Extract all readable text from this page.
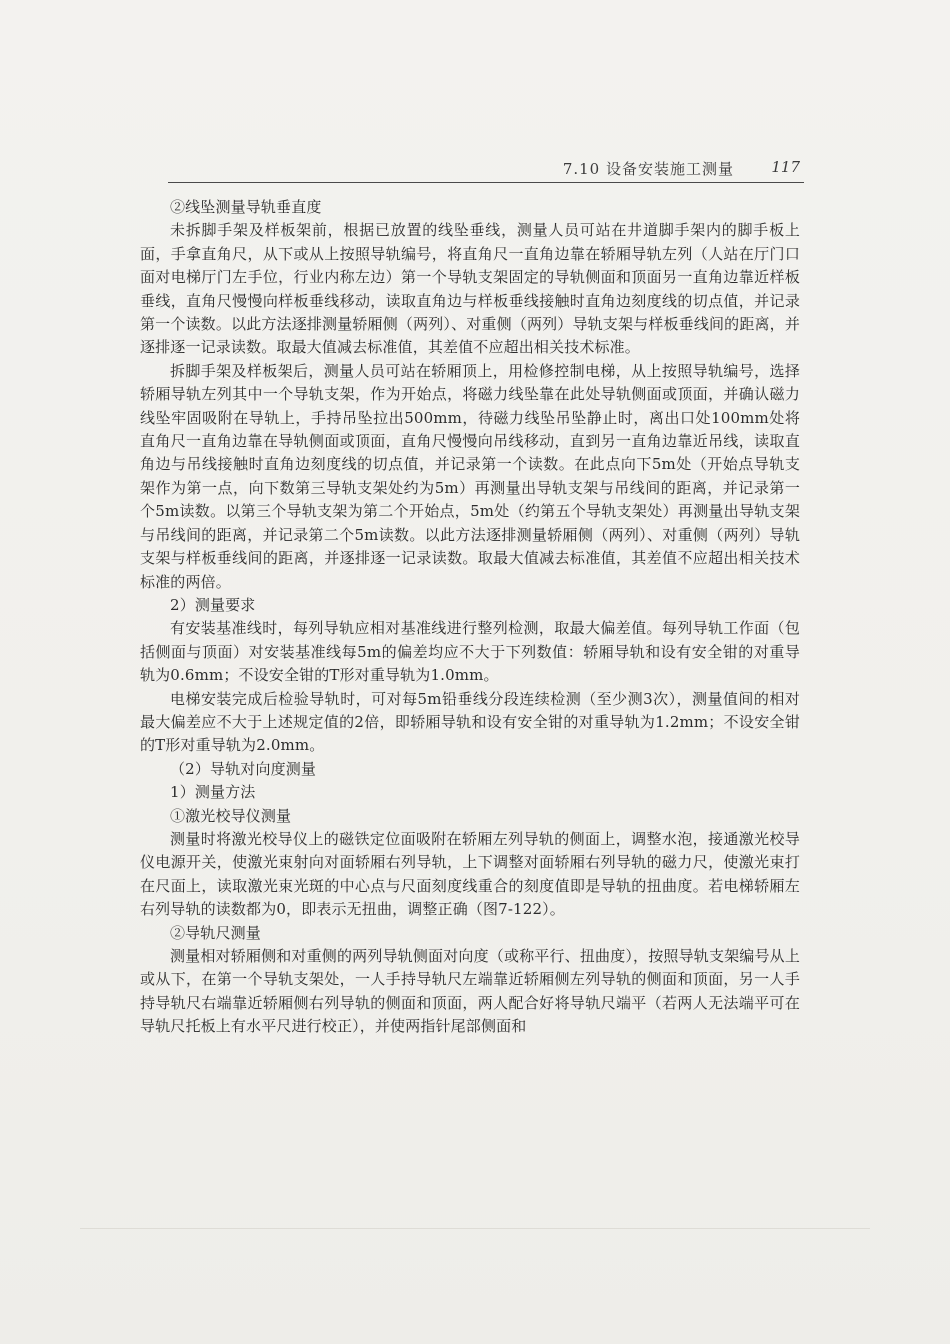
7.10 设备安装施工测量 117

②线坠测量导轨垂直度

未拆脚手架及样板架前，根据已放置的线坠垂线，测量人员可站在井道脚手架内的脚手板上面，手拿直角尺，从下或从上按照导轨编号，将直角尺一直角边靠在轿厢导轨左列（人站在厅门口面对电梯厅门左手位，行业内称左边）第一个导轨支架固定的导轨侧面和顶面另一直角边靠近样板垂线，直角尺慢慢向样板垂线移动，读取直角边与样板垂线接触时直角边刻度线的切点值，并记录第一个读数。以此方法逐排测量轿厢侧（两列）、对重侧（两列）导轨支架与样板垂线间的距离，并逐排逐一记录读数。取最大值减去标准值，其差值不应超出相关技术标准。

拆脚手架及样板架后，测量人员可站在轿厢顶上，用检修控制电梯，从上按照导轨编号，选择轿厢导轨左列其中一个导轨支架，作为开始点，将磁力线坠靠在此处导轨侧面或顶面，并确认磁力线坠牢固吸附在导轨上，手持吊坠拉出500mm，待磁力线坠吊坠静止时，离出口处100mm处将直角尺一直角边靠在导轨侧面或顶面，直角尺慢慢向吊线移动，直到另一直角边靠近吊线，读取直角边与吊线接触时直角边刻度线的切点值，并记录第一个读数。在此点向下5m处（开始点导轨支架作为第一点，向下数第三导轨支架处约为5m）再测量出导轨支架与吊线间的距离，并记录第一个5m读数。以第三个导轨支架为第二个开始点，5m处（约第五个导轨支架处）再测量出导轨支架与吊线间的距离，并记录第二个5m读数。以此方法逐排测量轿厢侧（两列）、对重侧（两列）导轨支架与样板垂线间的距离，并逐排逐一记录读数。取最大值减去标准值，其差值不应超出相关技术标准的两倍。

2）测量要求

有安装基准线时，每列导轨应相对基准线进行整列检测，取最大偏差值。每列导轨工作面（包括侧面与顶面）对安装基准线每5m的偏差均应不大于下列数值：轿厢导轨和设有安全钳的对重导轨为0.6mm；不设安全钳的T形对重导轨为1.0mm。

电梯安装完成后检验导轨时，可对每5m铅垂线分段连续检测（至少测3次），测量值间的相对最大偏差应不大于上述规定值的2倍，即轿厢导轨和设有安全钳的对重导轨为1.2mm；不设安全钳的T形对重导轨为2.0mm。

（2）导轨对向度测量

1）测量方法

①激光校导仪测量

测量时将激光校导仪上的磁铁定位面吸附在轿厢左列导轨的侧面上，调整水泡，接通激光校导仪电源开关，使激光束射向对面轿厢右列导轨，上下调整对面轿厢右列导轨的磁力尺，使激光束打在尺面上，读取激光束光斑的中心点与尺面刻度线重合的刻度值即是导轨的扭曲度。若电梯轿厢左右列导轨的读数都为0，即表示无扭曲，调整正确（图7-122）。

②导轨尺测量

测量相对轿厢侧和对重侧的两列导轨侧面对向度（或称平行、扭曲度），按照导轨支架编号从上或从下，在第一个导轨支架处，一人手持导轨尺左端靠近轿厢侧左列导轨的侧面和顶面，另一人手持导轨尺右端靠近轿厢侧右列导轨的侧面和顶面，两人配合好将导轨尺端平（若两人无法端平可在导轨尺托板上有水平尺进行校正），并使两指针尾部侧面和
